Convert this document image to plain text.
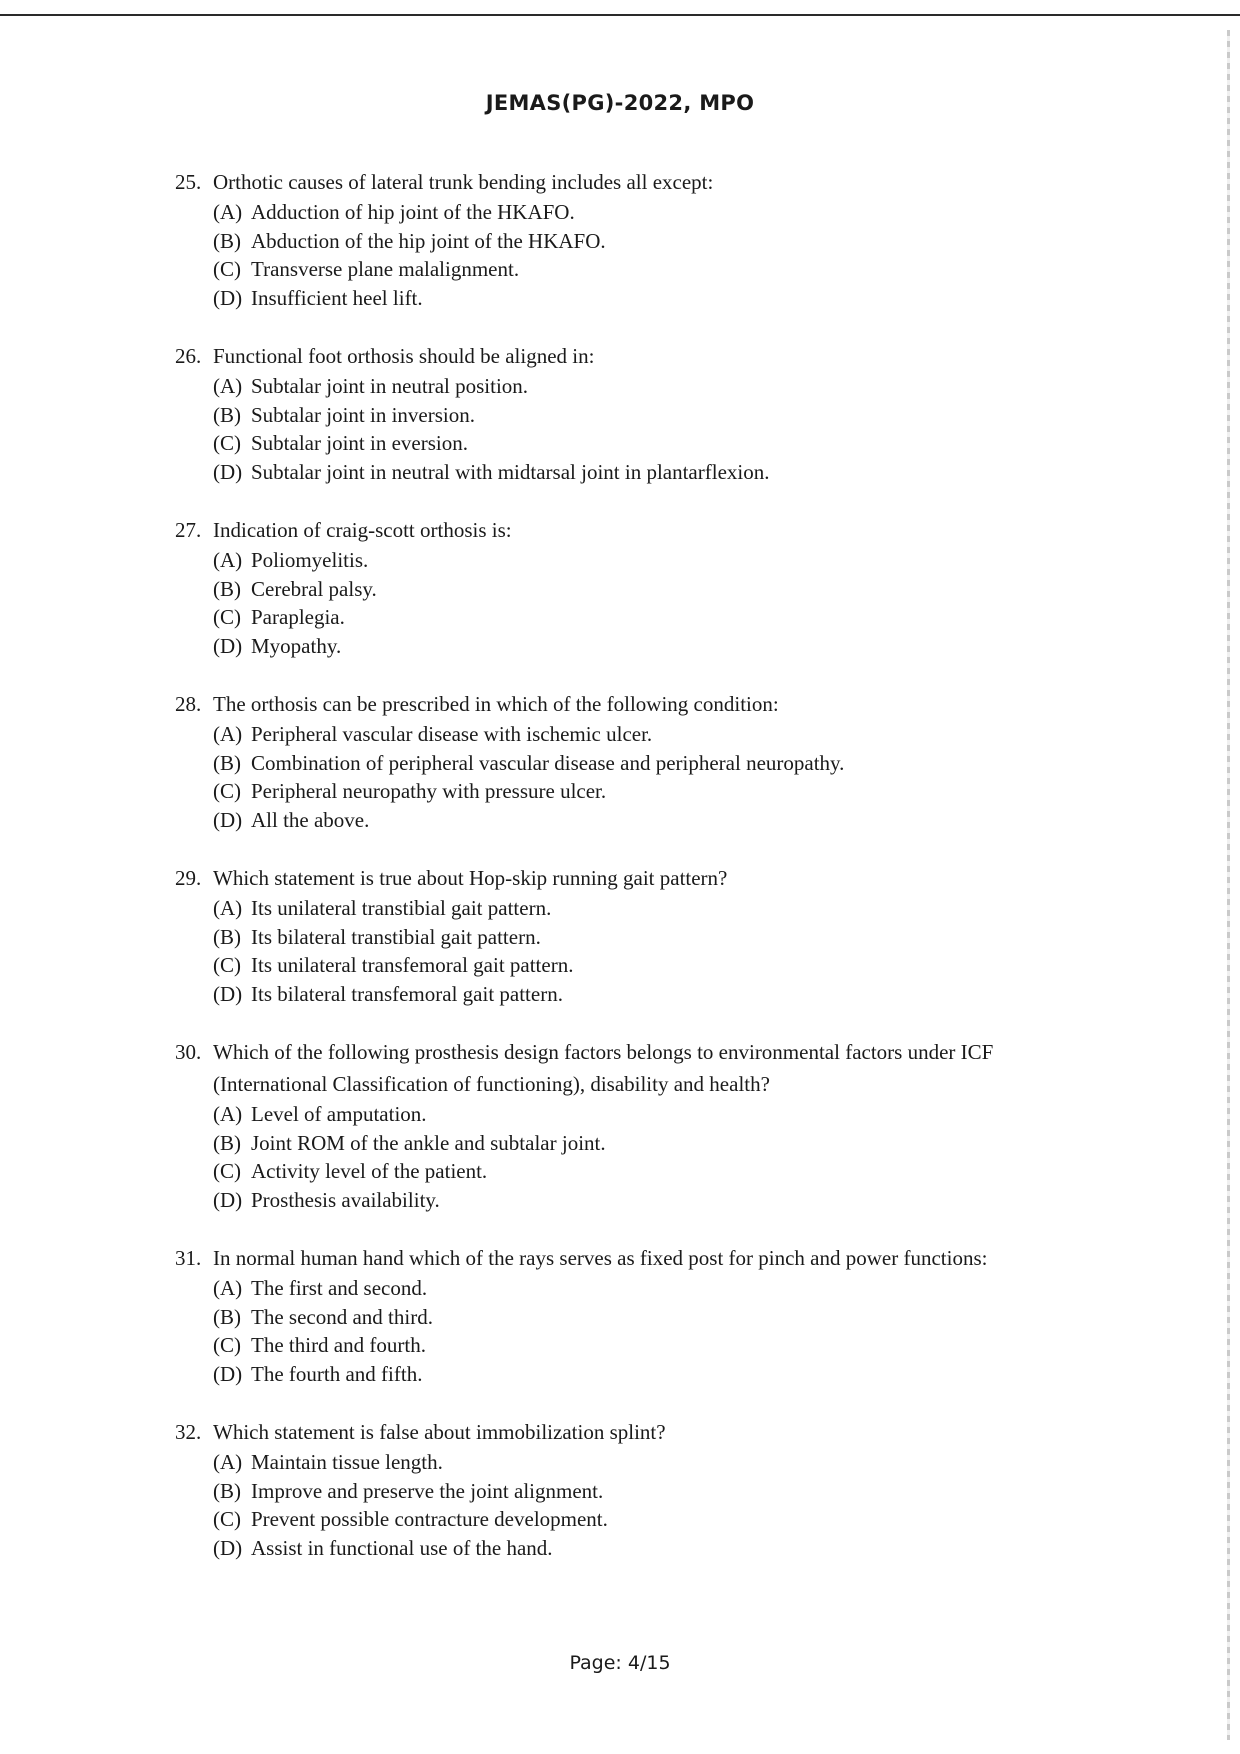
JEMAS(PG)-2022, MPO
25. Orthotic causes of lateral trunk bending includes all except:
(A) Adduction of hip joint of the HKAFO.
(B) Abduction of the hip joint of the HKAFO.
(C) Transverse plane malalignment.
(D) Insufficient heel lift.
26. Functional foot orthosis should be aligned in:
(A) Subtalar joint in neutral position.
(B) Subtalar joint in inversion.
(C) Subtalar joint in eversion.
(D) Subtalar joint in neutral with midtarsal joint in plantarflexion.
27. Indication of craig-scott orthosis is:
(A) Poliomyelitis.
(B) Cerebral palsy.
(C) Paraplegia.
(D) Myopathy.
28. The orthosis can be prescribed in which of the following condition:
(A) Peripheral vascular disease with ischemic ulcer.
(B) Combination of peripheral vascular disease and peripheral neuropathy.
(C) Peripheral neuropathy with pressure ulcer.
(D) All the above.
29. Which statement is true about Hop-skip running gait pattern?
(A) Its unilateral transtibial gait pattern.
(B) Its bilateral transtibial gait pattern.
(C) Its unilateral transfemoral gait pattern.
(D) Its bilateral transfemoral gait pattern.
30. Which of the following prosthesis design factors belongs to environmental factors under ICF (International Classification of functioning), disability and health?
(A) Level of amputation.
(B) Joint ROM of the ankle and subtalar joint.
(C) Activity level of the patient.
(D) Prosthesis availability.
31. In normal human hand which of the rays serves as fixed post for pinch and power functions:
(A) The first and second.
(B) The second and third.
(C) The third and fourth.
(D) The fourth and fifth.
32. Which statement is false about immobilization splint?
(A) Maintain tissue length.
(B) Improve and preserve the joint alignment.
(C) Prevent possible contracture development.
(D) Assist in functional use of the hand.
Page: 4/15
